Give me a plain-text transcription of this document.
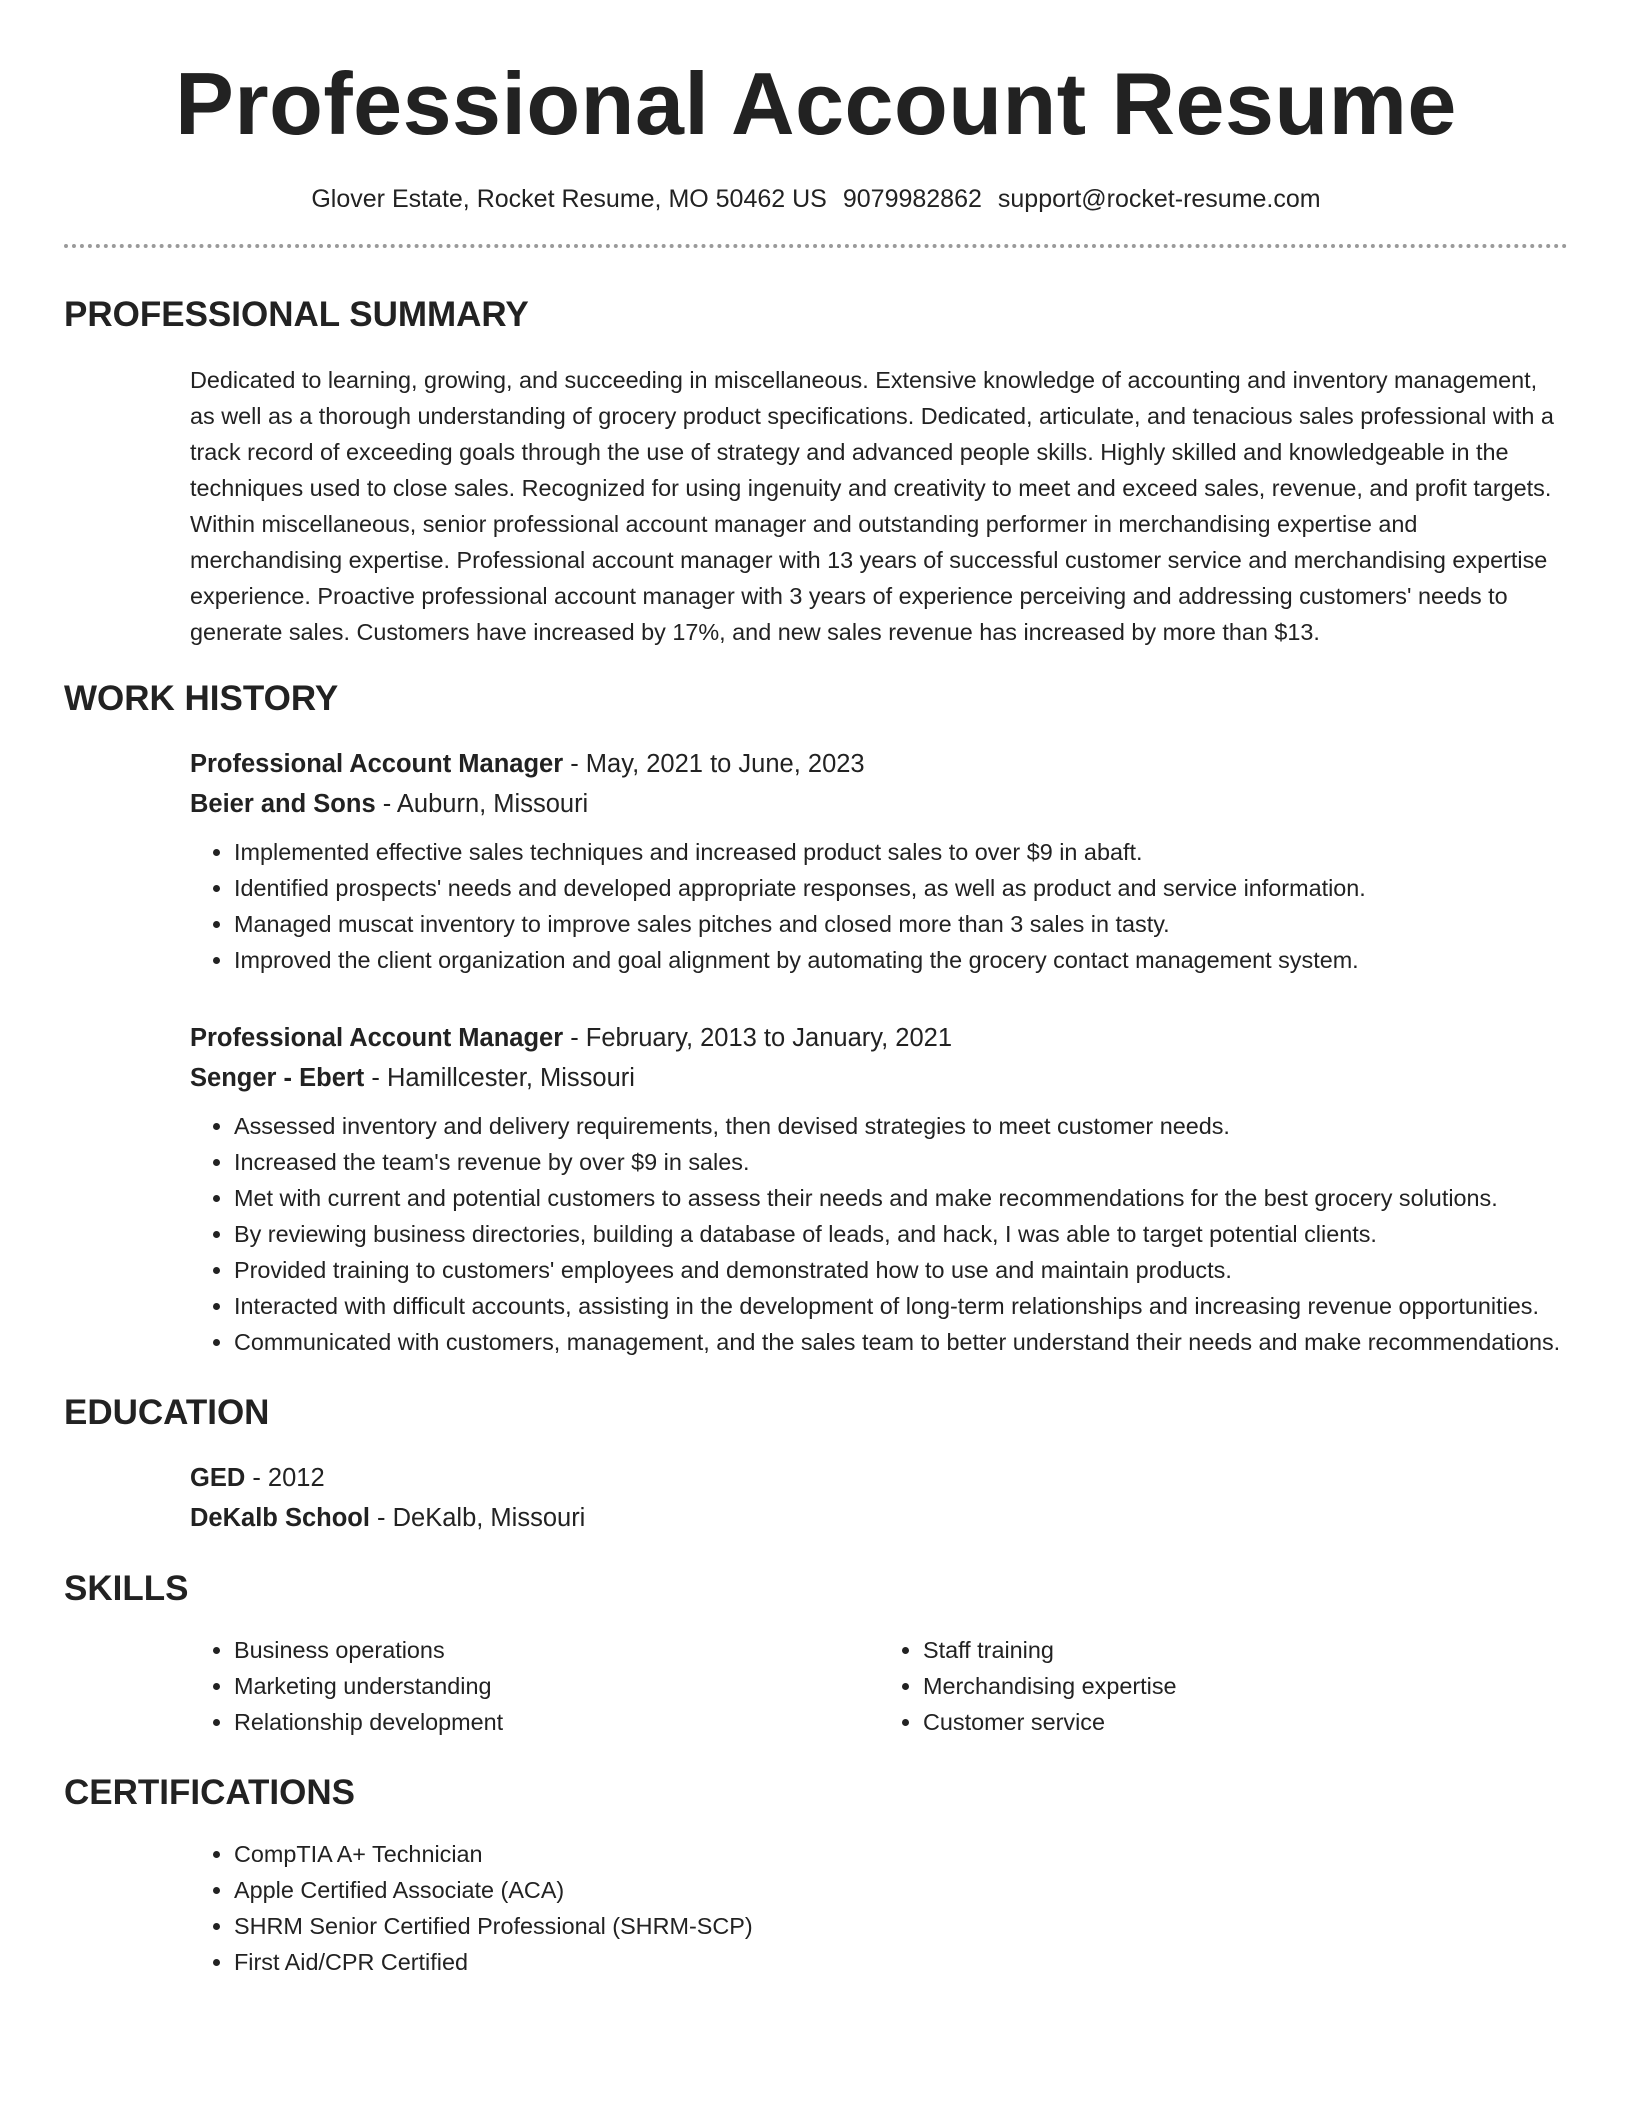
Professional Account Resume
Glover Estate, Rocket Resume, MO 50462 US 9079982862 support@rocket-resume.com
PROFESSIONAL SUMMARY
Dedicated to learning, growing, and succeeding in miscellaneous. Extensive knowledge of accounting and inventory management, as well as a thorough understanding of grocery product specifications. Dedicated, articulate, and tenacious sales professional with a track record of exceeding goals through the use of strategy and advanced people skills. Highly skilled and knowledgeable in the techniques used to close sales. Recognized for using ingenuity and creativity to meet and exceed sales, revenue, and profit targets. Within miscellaneous, senior professional account manager and outstanding performer in merchandising expertise and merchandising expertise. Professional account manager with 13 years of successful customer service and merchandising expertise experience. Proactive professional account manager with 3 years of experience perceiving and addressing customers' needs to generate sales. Customers have increased by 17%, and new sales revenue has increased by more than $13.
WORK HISTORY
Professional Account Manager - May, 2021 to June, 2023
Beier and Sons - Auburn, Missouri
• Implemented effective sales techniques and increased product sales to over $9 in abaft.
• Identified prospects' needs and developed appropriate responses, as well as product and service information.
• Managed muscat inventory to improve sales pitches and closed more than 3 sales in tasty.
• Improved the client organization and goal alignment by automating the grocery contact management system.
Professional Account Manager - February, 2013 to January, 2021
Senger - Ebert - Hamillcester, Missouri
• Assessed inventory and delivery requirements, then devised strategies to meet customer needs.
• Increased the team's revenue by over $9 in sales.
• Met with current and potential customers to assess their needs and make recommendations for the best grocery solutions.
• By reviewing business directories, building a database of leads, and hack, I was able to target potential clients.
• Provided training to customers' employees and demonstrated how to use and maintain products.
• Interacted with difficult accounts, assisting in the development of long-term relationships and increasing revenue opportunities.
• Communicated with customers, management, and the sales team to better understand their needs and make recommendations.
EDUCATION
GED - 2012
DeKalb School - DeKalb, Missouri
SKILLS
• Business operations
• Marketing understanding
• Relationship development
• Staff training
• Merchandising expertise
• Customer service
CERTIFICATIONS
• CompTIA A+ Technician
• Apple Certified Associate (ACA)
• SHRM Senior Certified Professional (SHRM-SCP)
• First Aid/CPR Certified
